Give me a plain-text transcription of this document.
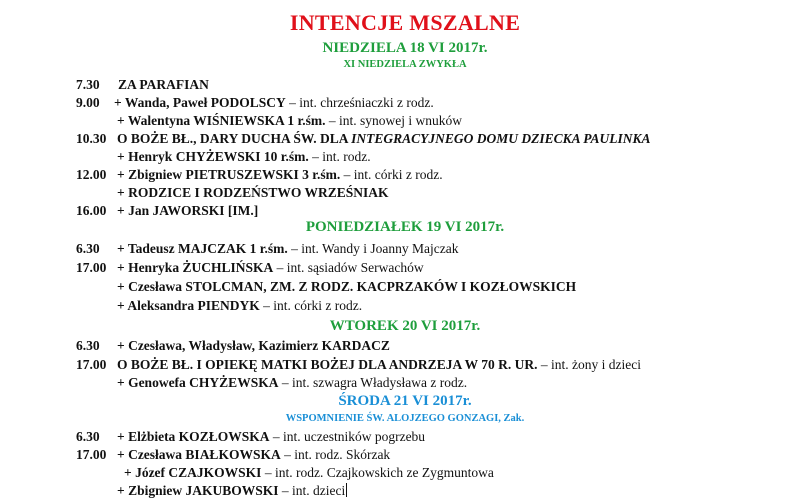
INTENCJE MSZALNE
NIEDZIELA 18 VI 2017r.
XI NIEDZIELA ZWYKŁA
PONIEDZIAŁEK 19 VI 2017r.
WTOREK 20 VI 2017r.
ŚRODA 21 VI 2017r.
WSPOMNIENIE ŚW. ALOJZEGO GONZAGI, Zak.
7.30 ZA PARAFIAN
9.00 + Wanda, Paweł PODOLSCY – int. chrześniaczki z rodz.
+ Walentyna WIŚNIEWSKA 1 r.śm. – int. synowej i wnuków
10.30 O BOŻE BŁ., DARY DUCHA ŚW. DLA INTEGRACYJNEGO DOMU DZIECKA PAULINKA
+ Henryk CHYŻEWSKI 10 r.śm. – int. rodz.
12.00 + Zbigniew PIETRUSZEWSKI 3 r.śm. – int. córki z rodz.
+ RODZICE I RODZEŃSTWO WRZEŚNIAK
16.00 + Jan JAWORSKI [IM.]
6.30 + Tadeusz MAJCZAK 1 r.śm. – int. Wandy i Joanny Majczak
17.00 + Henryka ŻUCHLIŃSKA – int. sąsiadów Serwachów
+ Czesława STOLCMAN, ZM. Z RODZ. KACPRZAKÓW I KOZŁOWSKICH
+ Aleksandra PIENDYK – int. córki z rodz.
6.30 + Czesława, Władysław, Kazimierz KARDACZ
17.00 O BOŻE BŁ. I OPIEKĘ MATKI BOŻEJ DLA ANDRZEJA W 70 R. UR. – int. żony i dzieci
+ Genowefa CHYŻEWSKA – int. szwagra Władysława z rodz.
6.30 + Elżbieta KOZŁOWSKA – int. uczestników pogrzebu
17.00 + Czesława BIAŁKOWSKA – int. rodz. Skórzak
+ Józef CZAJKOWSKI – int. rodz. Czajkowskich ze Zygmuntowa
+ Zbigniew JAKUBOWSKI – int. dzieci
